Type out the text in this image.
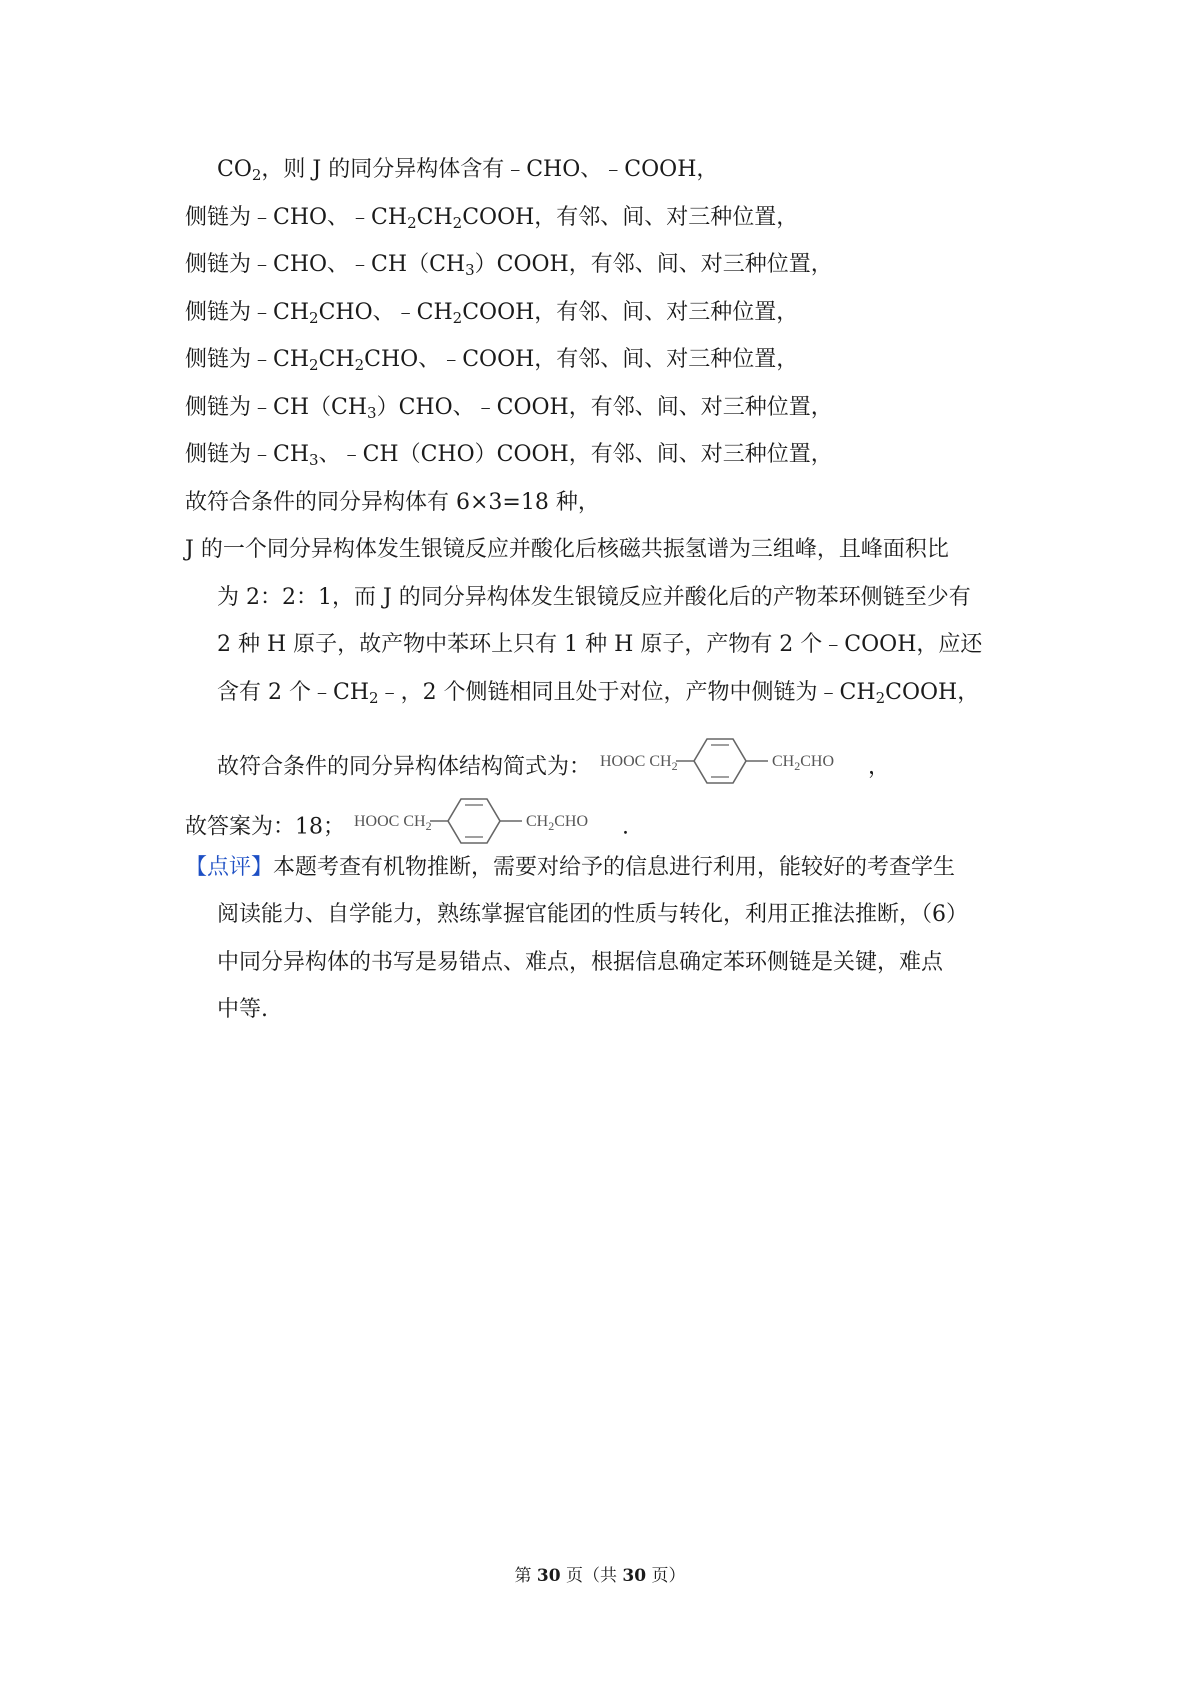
$CO_2$，则 J 的同分异构体含有﹣CHO、﹣COOH，
侧链为﹣CHO、$﹣CH_2CH_2COOH$，有邻、间、对三种位置，
侧链为﹣CHO、$﹣CH(CH_3)COOH$，有邻、间、对三种位置，
侧链为$﹣CH_2CHO$、$﹣CH_2COOH$，有邻、间、对三种位置，
侧链为$﹣CH_2CH_2CHO$、﹣COOH，有邻、间、对三种位置，
侧链为$﹣CH(CH_3)CHO$、﹣COOH，有邻、间、对三种位置，
侧链为$﹣CH_3$、﹣CH（CHO）COOH，有邻、间、对三种位置，
故符合条件的同分异构体有 6×3=18 种，
J 的一个同分异构体发生银镜反应并酸化后核磁共振氢谱为三组峰，且峰面积比
为 2：2：1，而 J 的同分异构体发生银镜反应并酸化后的产物苯环侧链至少有
2 种 H 原子，故产物中苯环上只有 1 种 H 原子，产物有 2 个﹣COOH，应还
含有 2 个$﹣CH_2﹣$，2 个侧链相同且处于对位，产物中侧链为$﹣CH_2COOH$，
故符合条件的同分异构体结构简式为： HOOC $CH_2$	$CH_2CHO$ ，
故答案为：18； HOOC $CH_2$	$CH_2CHO$ .
【点评】本题考查有机物推断，需要对给予的信息进行利用，能较好的考查学生
阅读能力、自学能力，熟练掌握官能团的性质与转化，利用正推法推断，（6）
中同分异构体的书写是易错点、难点，根据信息确定苯环侧链是关键，难点
中等.
第 30 页（共 30 页）
